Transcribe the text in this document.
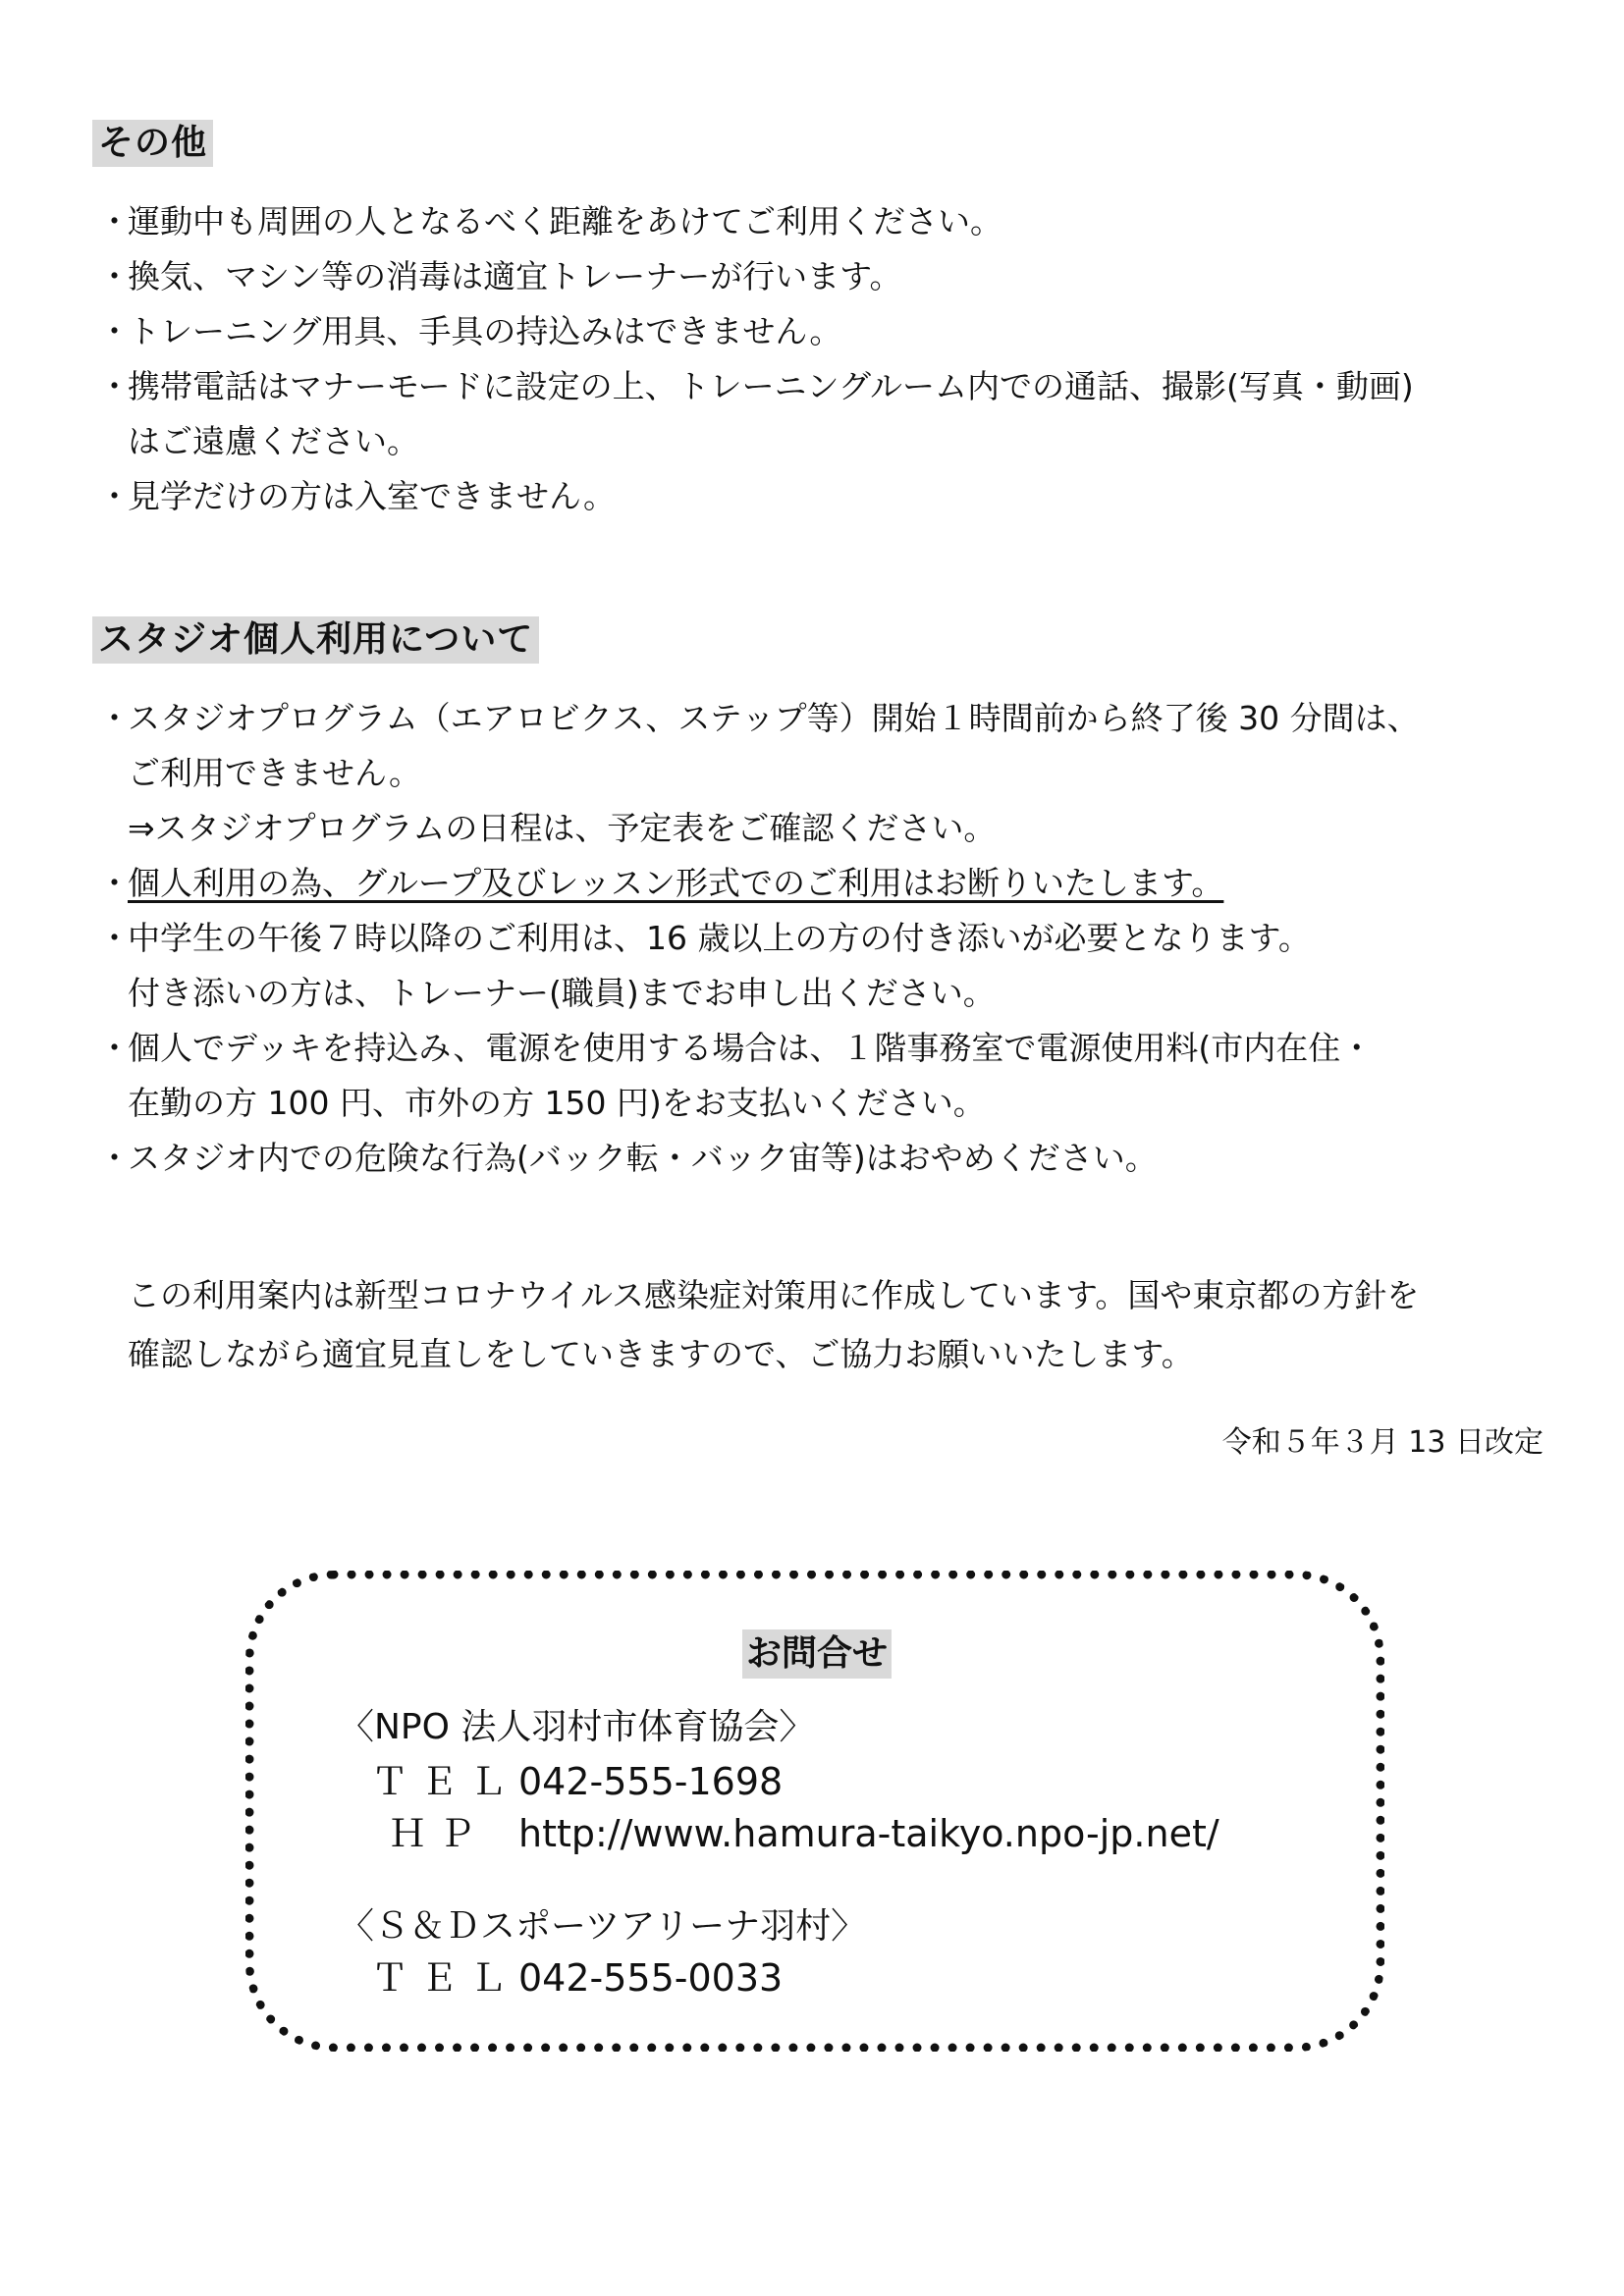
その他
・
運動中も周囲の人となるべく距離をあけてご利用ください。
・
換気、マシン等の消毒は適宜トレーナーが行います。
・
トレーニング用具、手具の持込みはできません。
・
携帯電話はマナーモードに設定の上、トレーニングルーム内での通話、撮影(写真・動画)
はご遠慮ください。
・
見学だけの方は入室できません。
スタジオ個人利用について
・
スタジオプログラム（エアロビクス、ステップ等）開始１時間前から終了後 30 分間は、
ご利用できません。
⇒スタジオプログラムの日程は、予定表をご確認ください。
・
個人利用の為、グループ及びレッスン形式でのご利用はお断りいたします。
・
中学生の午後７時以降のご利用は、16 歳以上の方の付き添いが必要となります。
付き添いの方は、トレーナー(職員)までお申し出ください。
・
個人でデッキを持込み、電源を使用する場合は、１階事務室で電源使用料(市内在住・
在勤の方 100 円、市外の方 150 円)をお支払いください。
・
スタジオ内での危険な行為(バック転・バック宙等)はおやめください。
この利用案内は新型コロナウイルス感染症対策用に作成しています。国や東京都の方針を
確認しながら適宜見直しをしていきますので、ご協力お願いいたします。
令和５年３月 13 日改定
お問合せ
〈NPO 法人羽村市体育協会〉
ＴＥＬ 042-555-1698
ＨＰ http://www.hamura-taikyo.npo-jp.net/
〈Ｓ＆Ｄスポーツアリーナ羽村〉
ＴＥＬ 042-555-0033
